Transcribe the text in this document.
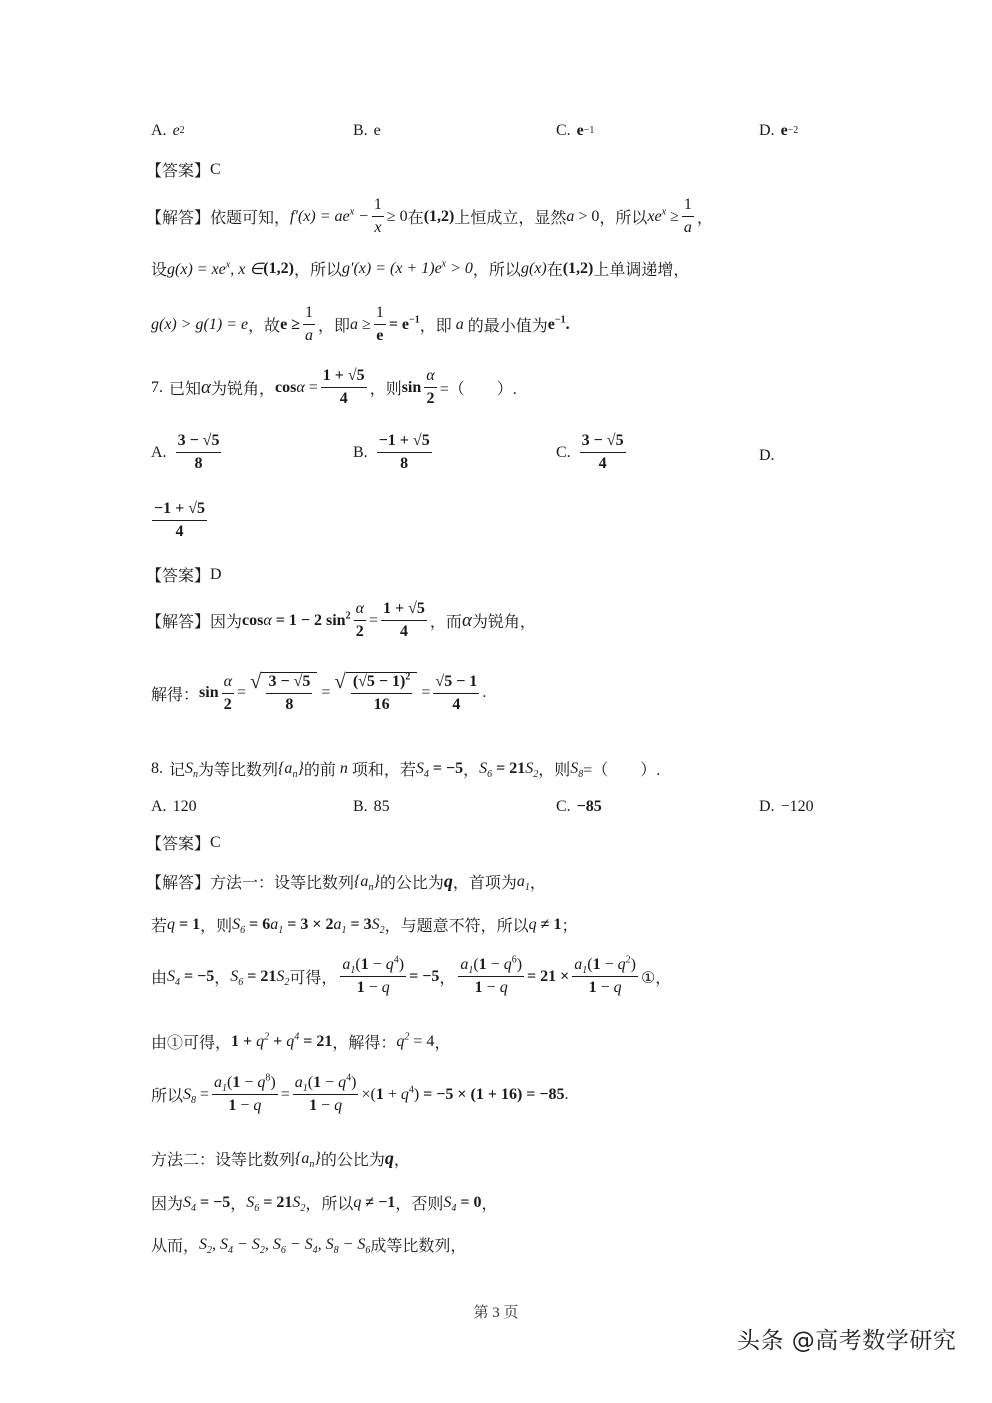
A. e 2	B. e	C. e −1	D. e −2
【答案】 C
【解答】 依题可知， $f'(x) = ae^x - \frac{1}{x} \ge 0$ 在 (1,2) 上恒成立，显然 a > 0 ，所以 $xe^x \ge \frac{1}{a}$ ，
设 $g(x) = xe^x$, x ∈ (1,2) ，所以 $g'(x) = (x + 1)e^x > 0$ ，所以 g(x) 在 (1,2) 上单调递增，
g(x) > g(1) = e ，故 $e \ge \frac{1}{a}$ ，即 $a \ge \frac{1}{e} = e^{-1}$ ，即 a 的最小值为 $e^{-1}$.
7. 已知 α 为锐角， $\cos \alpha = \frac{1 + √5}{4}$ ，则 $\sin \frac{\alpha}{2}$ =（　　）.
A. $\frac{3 - √5}{8}$	B. $\frac{-1 + √5}{8}$	C. $\frac{3 - √5}{4}$	D.
$\frac{-1 + √5}{4}$
【答案】 D
【解答】 因为 cos α = 1 − 2 $\sin^2 \frac{\alpha}{2} = \frac{1 + √5}{4}$ ，而 α 为锐角，
解得： $\sin \frac{\alpha}{2}$ = √ $\frac{3 - √5}{8}$ = √ $\frac{(√5 - 1)^2}{16} = \frac{√5 - 1}{4}$ .
8. 记 $S_n$ 为等比数列 $\{a_n\}$ 的前 n 项和，若 $S_4 = -5$ ， $S_6 = 21$ $S_2$ ，则 $S_8$ =（　　）.
A. 120	B. 85	C. −85	D. −120
【答案】 C
【解答】 方法一：设等比数列 $\{a_n\}$ 的公比为 q ，首项为 $a_1$ ，
若 q = 1 ，则 $S_6 = 6$ $a_1 = 3 \times 2$ $a_1 = 3$ $S_2$ ，与题意不符，所以 q ≠ 1 ；
由 $S_4 = -5$ ， $S_6 = 21$ $S_2$ 可得， $\frac{a_1(1 - q^4)}{1 - q} = -5$ ， $\frac{a_1(1 - q^6)}{1 - q} = 21 \times \frac{a_1(1 - q^2)}{1 - q}$ ①，
由①可得， 1 +
$q^2$
+
$q^4 = 21$ ，解得： $q^2 = 4$ ，
所以 $S_8 = \frac{a_1(1 - q^8)}{1 - q} = \frac{a_1(1 - q^4)}{1 - q} \times(1 + q^4) = -5 \times (1 + 16) = -85$ .
方法二：设等比数列 $\{a_n\}$ 的公比为 q ，
因为 $S_4 = -5$ ， $S_6 = 21$ $S_2$ ，所以 q ≠ −1 ，否则 $S_4 = 0$ ，
从而， $S_2$, $S_4 - S_2$, $S_6 - S_4$, $S_8 - S_6$ 成等比数列，
第 3 页
头条 @高考数学研究
